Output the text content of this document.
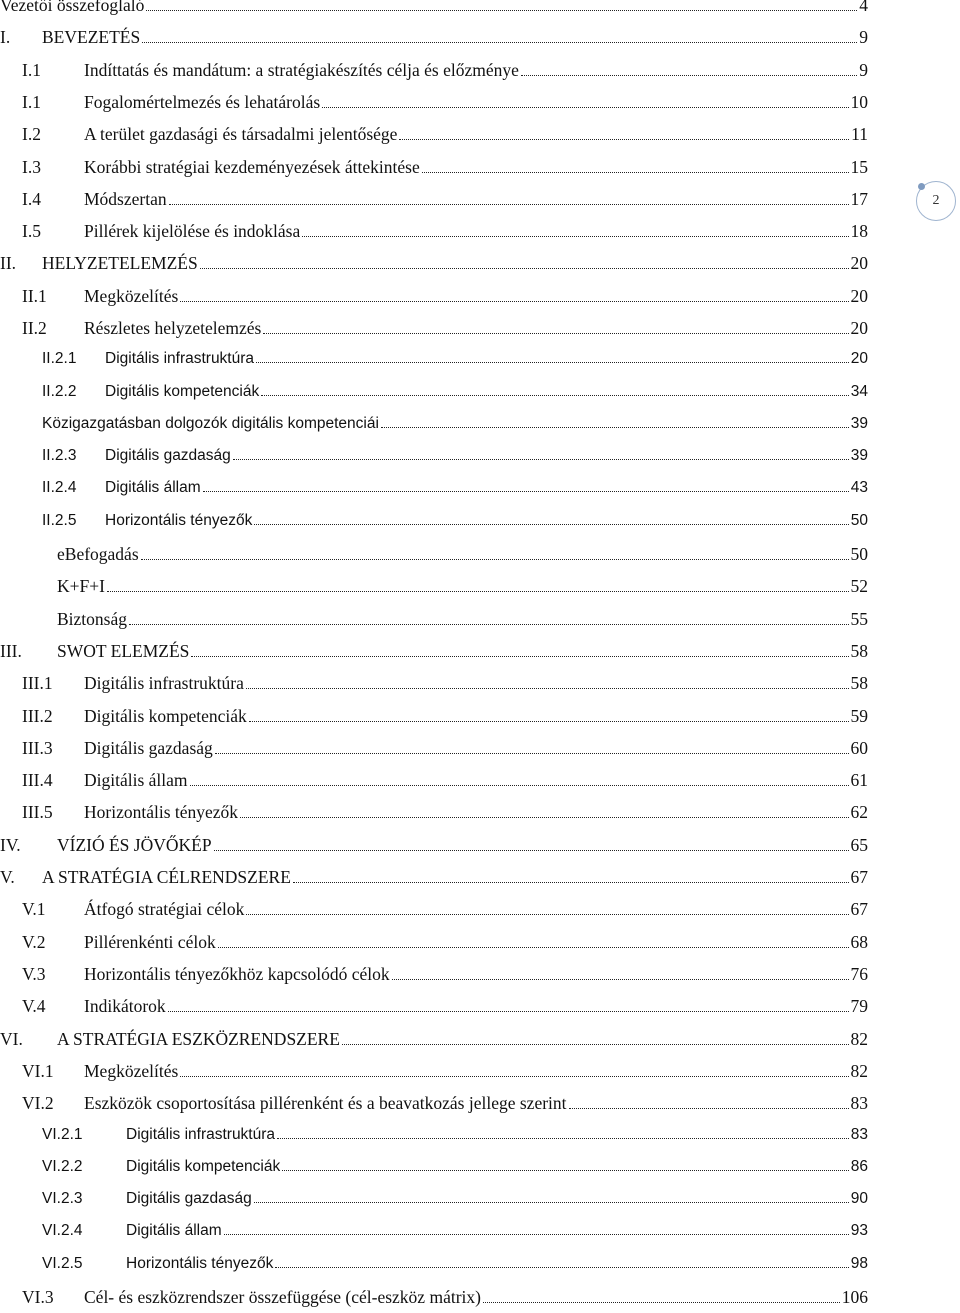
Vezetői összefoglaló	4
I.	BEVEZETÉS	9
I.1	Indíttatás és mandátum: a stratégiakészítés célja és előzménye	9
I.1	Fogalomértelmezés és lehatárolás	10
I.2	A terület gazdasági és társadalmi jelentősége	11
I.3	Korábbi stratégiai kezdeményezések áttekintése	15
I.4	Módszertan	17
I.5	Pillérek kijelölése és indoklása	18
II.	HELYZETELEMZÉS	20
II.1	Megközelítés	20
II.2	Részletes helyzetelemzés	20
II.2.1	Digitális infrastruktúra	20
II.2.2	Digitális kompetenciák	34
Közigazgatásban dolgozók digitális kompetenciái	39
II.2.3	Digitális gazdaság	39
II.2.4	Digitális állam	43
II.2.5	Horizontális tényezők	50
eBefogadás	50
K+F+I	52
Biztonság	55
III.	SWOT ELEMZÉS	58
III.1	Digitális infrastruktúra	58
III.2	Digitális kompetenciák	59
III.3	Digitális gazdaság	60
III.4	Digitális állam	61
III.5	Horizontális tényezők	62
IV.	VÍZIÓ ÉS JÖVŐKÉP	65
V.	A STRATÉGIA CÉLRENDSZERE	67
V.1	Átfogó stratégiai célok	67
V.2	Pillérenkénti célok	68
V.3	Horizontális tényezőkhöz kapcsolódó célok	76
V.4	Indikátorok	79
VI.	A STRATÉGIA ESZKÖZRENDSZERE	82
VI.1	Megközelítés	82
VI.2	Eszközök csoportosítása pillérenként és a beavatkozás jellege szerint	83
VI.2.1	Digitális infrastruktúra	83
VI.2.2	Digitális kompetenciák	86
VI.2.3	Digitális gazdaság	90
VI.2.4	Digitális állam	93
VI.2.5	Horizontális tényezők	98
VI.3	Cél- és eszközrendszer összefüggése (cél-eszköz mátrix)	106
2
